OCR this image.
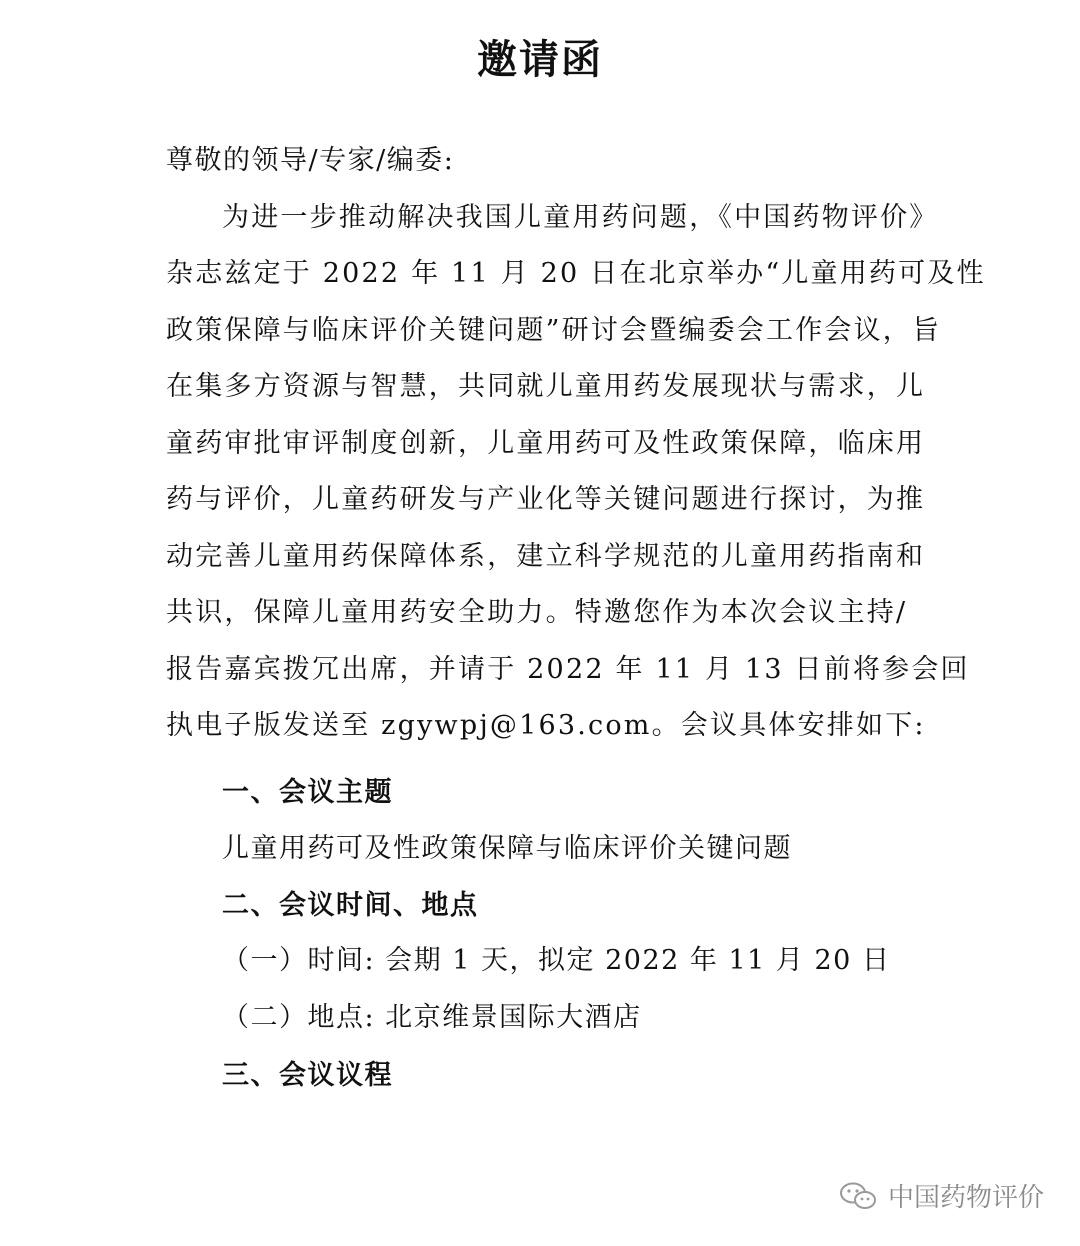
邀请函
尊敬的领导/专家/编委:
为进一步推动解决我国儿童用药问题，《中国药物评价》
杂志兹定于 2022 年 11 月 20 日在北京举办“儿童用药可及性
政策保障与临床评价关键问题”研讨会暨编委会工作会议，旨
在集多方资源与智慧，共同就儿童用药发展现状与需求，儿
童药审批审评制度创新，儿童用药可及性政策保障，临床用
药与评价，儿童药研发与产业化等关键问题进行探讨，为推
动完善儿童用药保障体系，建立科学规范的儿童用药指南和
共识，保障儿童用药安全助力。特邀您作为本次会议主持/
报告嘉宾拨冗出席，并请于 2022 年 11 月 13 日前将参会回
执电子版发送至 zgywpj@163.com。会议具体安排如下:
一、会议主题
儿童用药可及性政策保障与临床评价关键问题
二、会议时间、地点
（一）时间: 会期 1 天，拟定 2022 年 11 月 20 日
（二）地点: 北京维景国际大酒店
三、会议议程
中国药物评价
